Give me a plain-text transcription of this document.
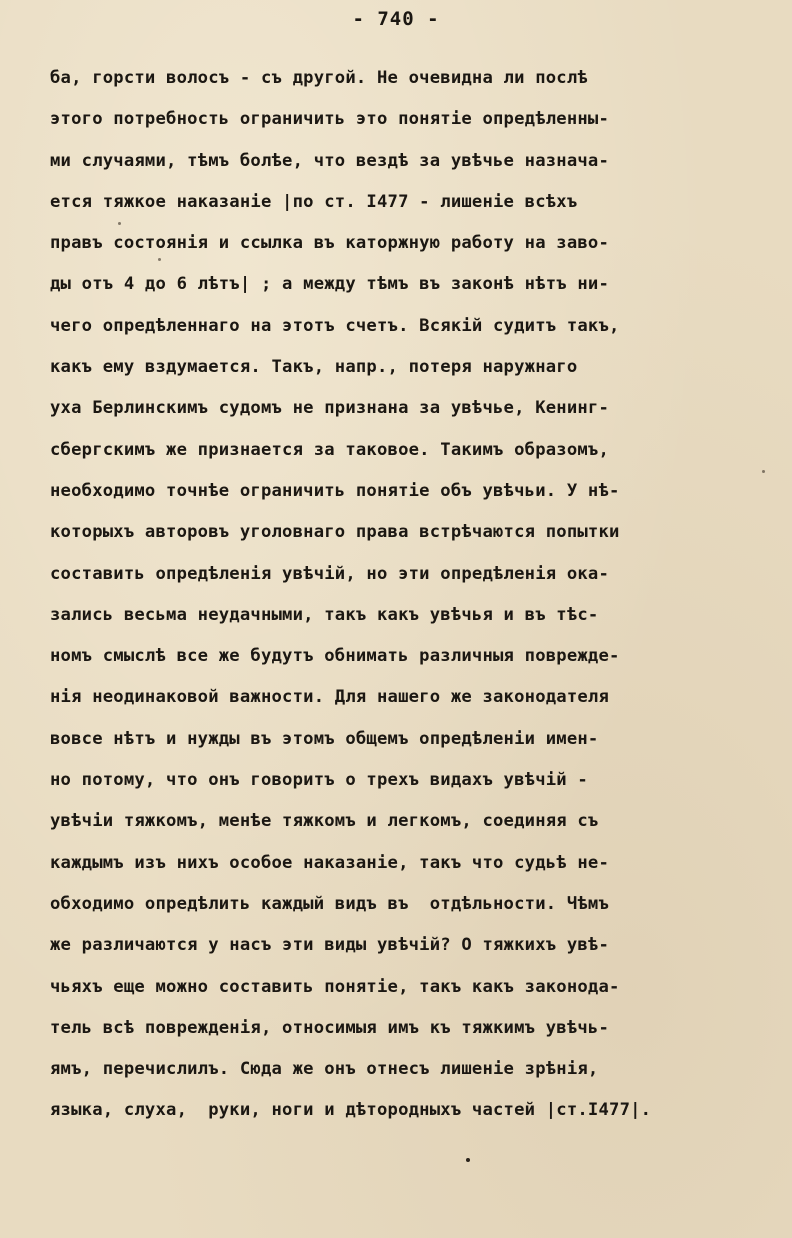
- 740 -
ба, горсти волосъ - съ другой. Не очевидна ли послѣ
этого потребность ограничить это понятіе опредѣленны-
ми случаями, тѣмъ болѣе, что вездѣ за увѣчье назнача-
ется тяжкое наказаніе |по ст. I477 - лишеніе всѣхъ
правъ состоянія и ссылка въ каторжную работу на заво-
ды отъ 4 до 6 лѣтъ| ; а между тѣмъ въ законѣ нѣтъ ни-
чего опредѣленнаго на этотъ счетъ. Всякій судитъ такъ,
какъ ему вздумается. Такъ, напр., потеря наружнаго
уха Берлинскимъ судомъ не признана за увѣчье, Кенинг-
сбергскимъ же признается за таковое. Такимъ образомъ,
необходимо точнѣе ограничить понятіе объ увѣчьи. У нѣ-
которыхъ авторовъ уголовнаго права встрѣчаются попытки
составить опредѣленія увѣчій, но эти опредѣленія ока-
зались весьма неудачными, такъ какъ увѣчья и въ тѣс-
номъ смыслѣ все же будутъ обнимать различныя поврежде-
нія неодинаковой важности. Для нашего же законодателя
вовсе нѣтъ и нужды въ этомъ общемъ опредѣленіи имен-
но потому, что онъ говоритъ о трехъ видахъ увѣчій -
увѣчіи тяжкомъ, менѣе тяжкомъ и легкомъ, соединяя съ
каждымъ изъ нихъ особое наказаніе, такъ что судьѣ не-
обходимо опредѣлить каждый видъ въ  отдѣльности. Чѣмъ
же различаются у насъ эти виды увѣчій? О тяжкихъ увѣ-
чьяхъ еще можно составить понятіе, такъ какъ законода-
тель всѣ поврежденія, относимыя имъ къ тяжкимъ увѣчь-
ямъ, перечислилъ. Сюда же онъ отнесъ лишеніе зрѣнія,
языка, слуха,  руки, ноги и дѣтородныхъ частей |ст.I477|.
